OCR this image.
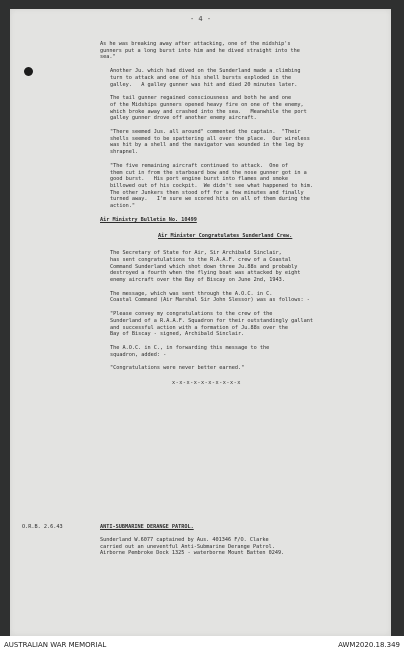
- 4 -

As he was breaking away after attacking, one of the midship's
gunners put a long burst into him and he dived straight into the
sea."

Another Ju. which had dived on the Sunderland made a climbing
turn to attack and one of his shell bursts exploded in the
galley.   A galley gunner was hit and died 20 minutes later.

The tail gunner regained consciousness and both he and one
of the Midships gunners opened heavy fire on one of the enemy,
which broke away and crashed into the sea.   Meanwhile the port
galley gunner drove off another enemy aircraft.

"There seemed Jus. all around" commented the captain.  "Their
shells seemed to be spattering all over the place.  Our wireless
was hit by a shell and the navigator was wounded in the leg by
shrapnel.

"The five remaining aircraft continued to attack.  One of
them cut in from the starboard bow and the nose gunner got in a
good burst.   His port engine burst into flames and smoke
billowed out of his cockpit.  We didn't see what happened to him.
The other Junkers then stood off for a few minutes and finally
turned away.   I'm sure we scored hits on all of them during the
action."

Air Ministry Bulletin No. 10499

Air Minister Congratulates Sunderland Crew.

The Secretary of State for Air, Sir Archibald Sinclair,
has sent congratulations to the R.A.A.F. crew of a Coastal
Command Sunderland which shot down three Ju.88s and probably
destroyed a fourth when the flying boat was attacked by eight
enemy aircraft over the Bay of Biscay on June 2nd, 1943.

The message, which was sent through the A.O.C. in C.
Coastal Command (Air Marshal Sir John Slessor) was as follows: -

"Please convey my congratulations to the crew of the
Sunderland of a R.A.A.F. Squadron for their outstandingly gallant
and successful action with a formation of Ju.88s over the
Bay of Biscay - signed, Archibald Sinclair.

The A.O.C. in C., in forwarding this message to the
squadron, added: -

"Congratulations were never better earned."

x-x-x-x-x-x-x-x-x-x

O.R.B. 2.6.43	ANTI-SUBMARINE DERANGE PATROL.
Sunderland W.6077 captained by Aus. 401346 F/O. Clarke
carried out an uneventful Anti-Submarine Derange Patrol.
Airborne Pembroke Dock 1325 - waterborne Mount Batten 0249.
AUSTRALIAN WAR MEMORIAL	AWM2020.18.349
